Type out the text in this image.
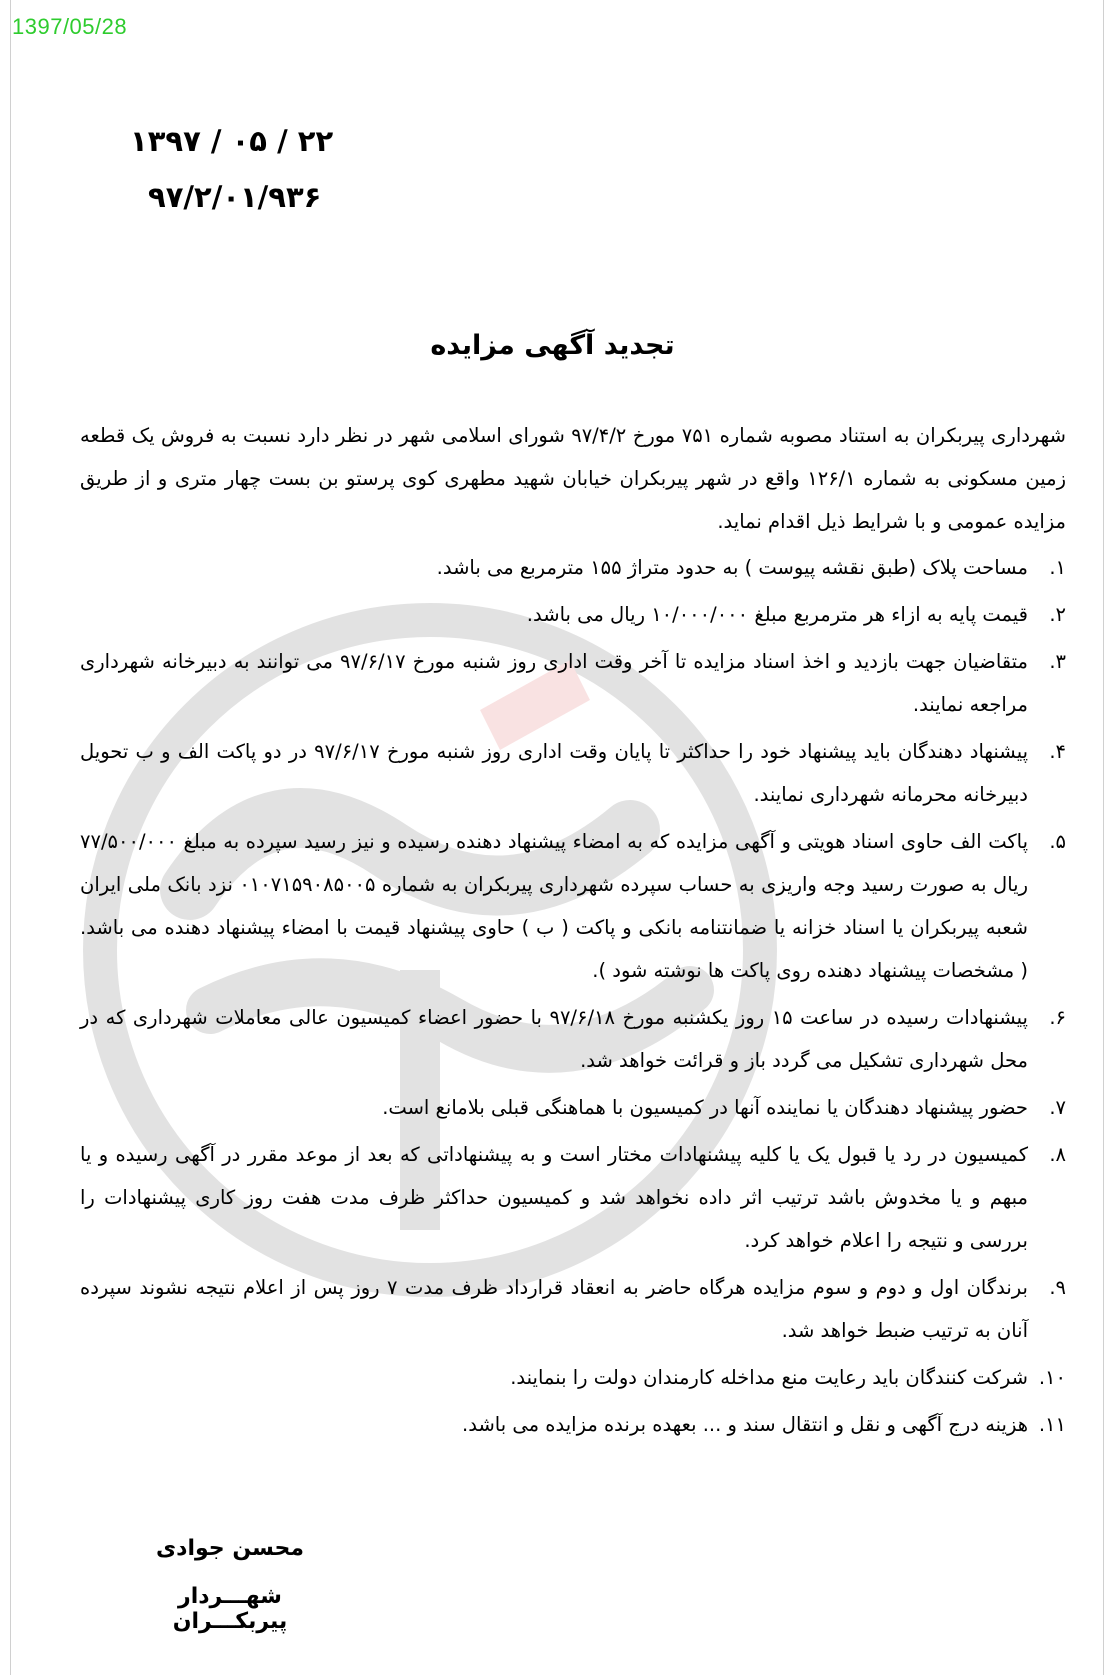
1397/05/28
۱۳۹۷ / ۰۵ / ۲۲
۹۷/۲/۰۱/۹۳۶
تجدید آگهی مزایده

شهرداری پیربکران به استناد مصوبه شماره ۷۵۱ مورخ ۹۷/۴/۲ شورای اسلامی شهر در نظر دارد نسبت به فروش یک قطعه زمین مسکونی به شماره ۱۲۶/۱ واقع در شهر پیربکران خیابان شهید مطهری کوی پرستو بن بست چهار متری و از طریق مزایده عمومی و با شرایط ذیل اقدام نماید.

۱.
مساحت پلاک (طبق نقشه پیوست ) به حدود متراژ ۱۵۵ مترمربع می باشد.
۲.
قیمت پایه به ازاء هر مترمربع مبلغ ۱۰/۰۰۰/۰۰۰ ریال می باشد.
۳.
متقاضیان جهت بازدید و اخذ اسناد مزایده تا آخر وقت اداری روز شنبه مورخ ۹۷/۶/۱۷ می توانند به دبیرخانه شهرداری مراجعه نمایند.
۴.
پیشنهاد دهندگان باید پیشنهاد خود را حداکثر تا پایان وقت اداری روز شنبه مورخ ۹۷/۶/۱۷ در دو پاکت الف و ب تحویل دبیرخانه محرمانه شهرداری نمایند.
۵.
پاکت الف حاوی اسناد هویتی و آگهی مزایده که به امضاء پیشنهاد دهنده رسیده و نیز رسید سپرده به مبلغ ۷۷/۵۰۰/۰۰۰ ریال به صورت رسید وجه واریزی به حساب سپرده شهرداری پیربکران به شماره ۰۱۰۷۱۵۹۰۸۵۰۰۵ نزد بانک ملی ایران شعبه پیربکران یا اسناد خزانه یا ضمانتنامه بانکی و پاکت ( ب ) حاوی پیشنهاد قیمت با امضاء پیشنهاد دهنده می باشد. ( مشخصات پیشنهاد دهنده روی پاکت ها نوشته شود ).
۶.
پیشنهادات رسیده در ساعت ۱۵ روز یکشنبه مورخ ۹۷/۶/۱۸ با حضور اعضاء کمیسیون عالی معاملات شهرداری که در محل شهرداری تشکیل می گردد باز و قرائت خواهد شد.
۷.
حضور پیشنهاد دهندگان یا نماینده آنها در کمیسیون با هماهنگی قبلی بلامانع است.
۸.
کمیسیون در رد یا قبول یک یا کلیه پیشنهادات مختار است و به پیشنهاداتی که بعد از موعد مقرر در آگهی رسیده و یا مبهم و یا مخدوش باشد ترتیب اثر داده نخواهد شد و کمیسیون حداکثر ظرف مدت هفت روز کاری پیشنهادات را بررسی و نتیجه را اعلام خواهد کرد.
۹.
برندگان اول و دوم و سوم مزایده هرگاه حاضر به انعقاد قرارداد ظرف مدت ۷ روز پس از اعلام نتیجه نشوند سپرده آنان به ترتیب ضبط خواهد شد.
۱۰.
شرکت کنندگان باید رعایت منع مداخله کارمندان دولت را بنمایند.
۱۱.
هزینه درج آگهی و نقل و انتقال سند و ... بعهده برنده مزایده می باشد.
محسن جوادی
شهـــردار پیربکـــران
